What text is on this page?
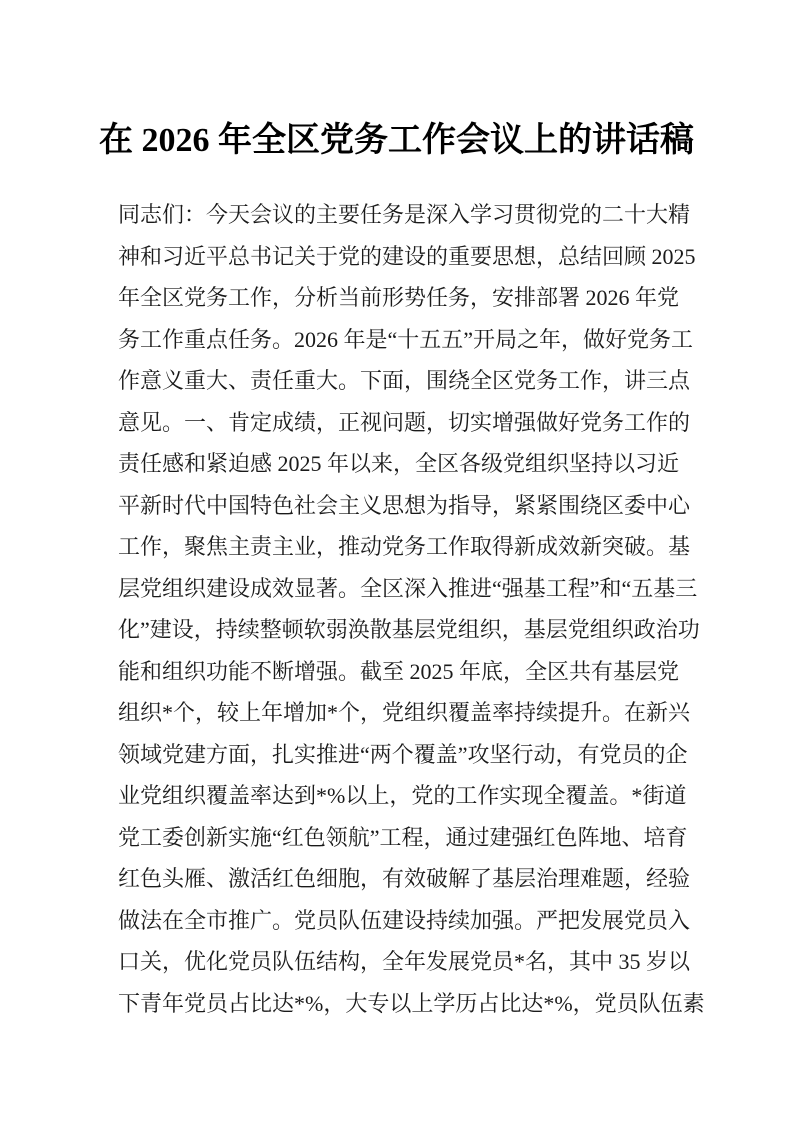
在 2026 年全区党务工作会议上的讲话稿
同志们：今天会议的主要任务是深入学习贯彻党的二十大精
神和习近平总书记关于党的建设的重要思想，总结回顾 2025
年全区党务工作，分析当前形势任务，安排部署 2026 年党
务工作重点任务。2026 年是“十五五”开局之年，做好党务工
作意义重大、责任重大。下面，围绕全区党务工作，讲三点
意见。一、肯定成绩，正视问题，切实增强做好党务工作的
责任感和紧迫感 2025 年以来，全区各级党组织坚持以习近
平新时代中国特色社会主义思想为指导，紧紧围绕区委中心
工作，聚焦主责主业，推动党务工作取得新成效新突破。基
层党组织建设成效显著。全区深入推进“强基工程”和“五基三
化”建设，持续整顿软弱涣散基层党组织，基层党组织政治功
能和组织功能不断增强。截至 2025 年底，全区共有基层党
组织*个，较上年增加*个，党组织覆盖率持续提升。在新兴
领域党建方面，扎实推进“两个覆盖”攻坚行动，有党员的企
业党组织覆盖率达到*%以上，党的工作实现全覆盖。*街道
党工委创新实施“红色领航”工程，通过建强红色阵地、培育
红色头雁、激活红色细胞，有效破解了基层治理难题，经验
做法在全市推广。党员队伍建设持续加强。严把发展党员入
口关，优化党员队伍结构，全年发展党员*名，其中 35 岁以
下青年党员占比达*%，大专以上学历占比达*%，党员队伍素
